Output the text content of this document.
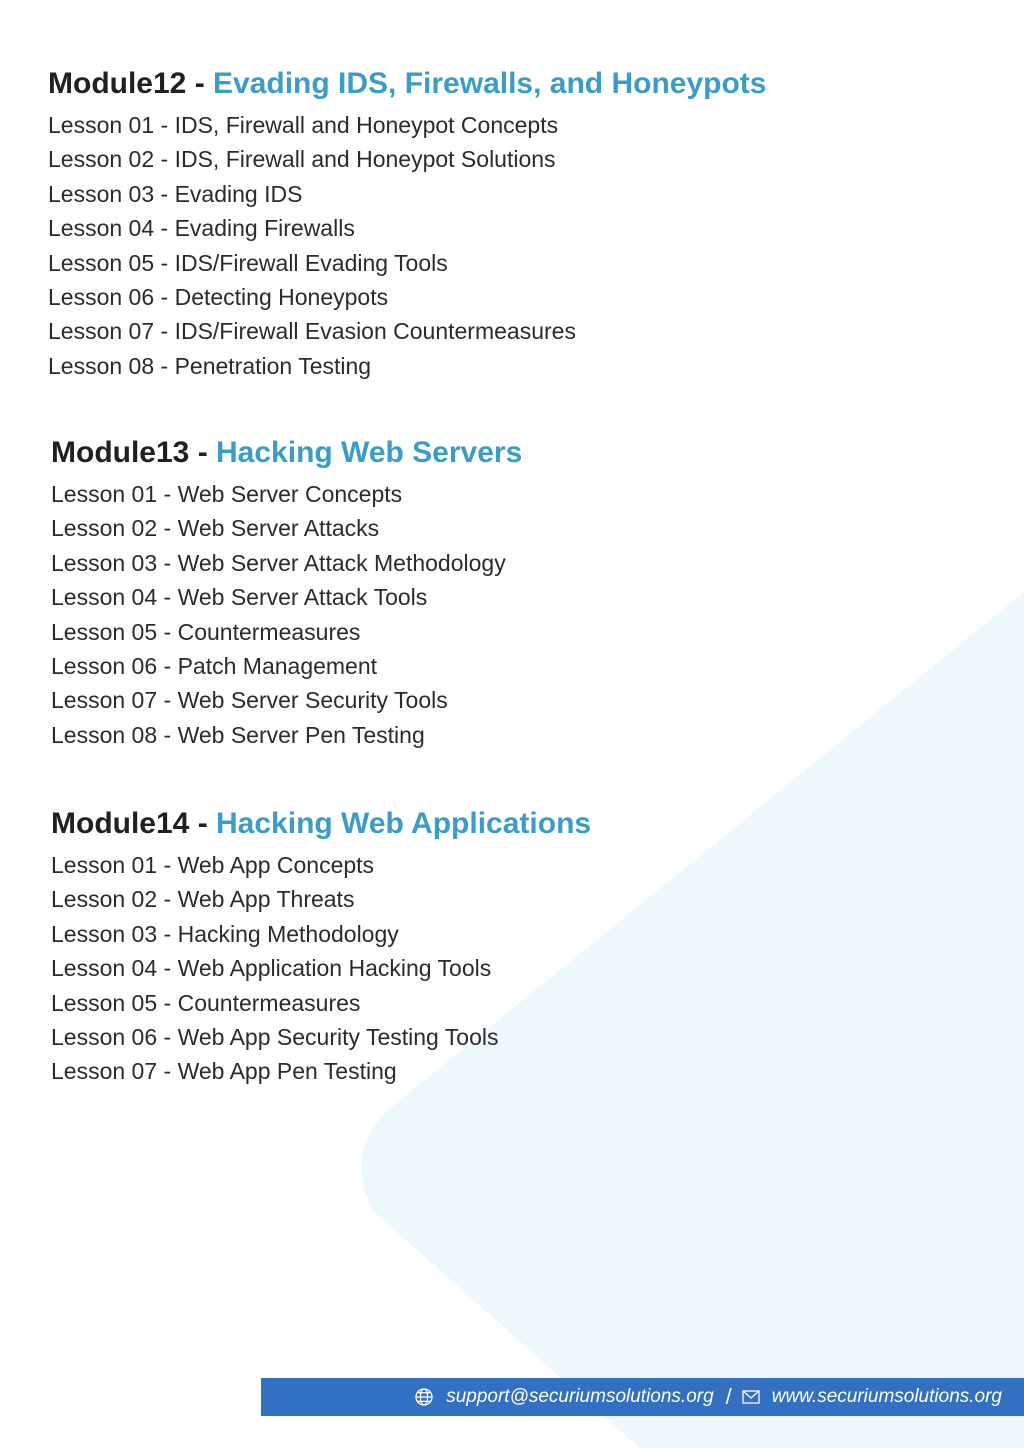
Module12 - Evading IDS, Firewalls, and Honeypots
Lesson 01 - IDS, Firewall and Honeypot Concepts
Lesson 02 - IDS, Firewall and Honeypot Solutions
Lesson 03 - Evading IDS
Lesson 04 - Evading Firewalls
Lesson 05 - IDS/Firewall Evading Tools
Lesson 06 - Detecting Honeypots
Lesson 07 - IDS/Firewall Evasion Countermeasures
Lesson 08 - Penetration Testing
Module13 - Hacking Web Servers
Lesson 01 - Web Server Concepts
Lesson 02 - Web Server Attacks
Lesson 03 - Web Server Attack Methodology
Lesson 04 - Web Server Attack Tools
Lesson 05 - Countermeasures
Lesson 06 - Patch Management
Lesson 07 - Web Server Security Tools
Lesson 08 - Web Server Pen Testing
Module14 - Hacking Web Applications
Lesson 01 - Web App Concepts
Lesson 02 - Web App Threats
Lesson 03 - Hacking Methodology
Lesson 04 - Web Application Hacking Tools
Lesson 05 - Countermeasures
Lesson 06 - Web App Security Testing Tools
Lesson 07 - Web App Pen Testing
support@securiumsolutions.org / www.securiumsolutions.org
